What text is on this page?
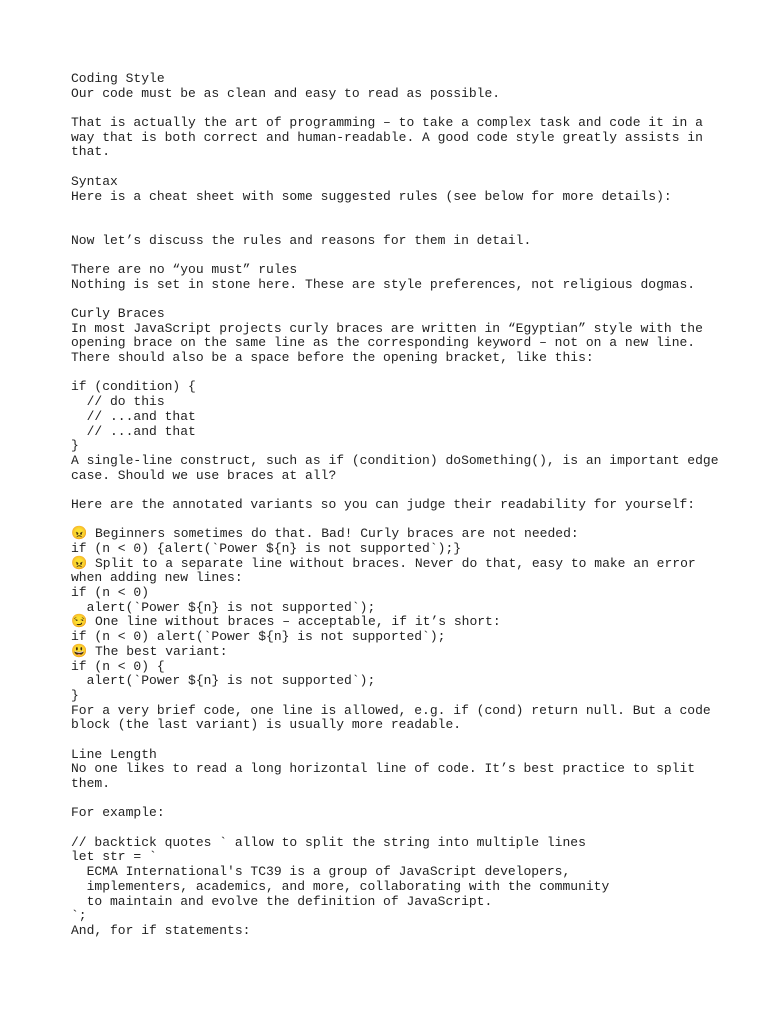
Coding Style
Our code must be as clean and easy to read as possible.
That is actually the art of programming – to take a complex task and code it in a
way that is both correct and human-readable. A good code style greatly assists in
that.
Syntax
Here is a cheat sheet with some suggested rules (see below for more details):
Now let’s discuss the rules and reasons for them in detail.
There are no “you must” rules
Nothing is set in stone here. These are style preferences, not religious dogmas.
Curly Braces
In most JavaScript projects curly braces are written in “Egyptian” style with the
opening brace on the same line as the corresponding keyword – not on a new line.
There should also be a space before the opening bracket, like this:
if (condition) {
// do this
// ...and that
// ...and that
}
A single-line construct, such as if (condition) doSomething(), is an important edge
case. Should we use braces at all?
Here are the annotated variants so you can judge their readability for yourself:
😠 Beginners sometimes do that. Bad! Curly braces are not needed:
if (n < 0) {alert(`Power ${n} is not supported`);}
😠 Split to a separate line without braces. Never do that, easy to make an error
when adding new lines:
if (n < 0)
alert(`Power ${n} is not supported`);
😏 One line without braces – acceptable, if it’s short:
if (n < 0) alert(`Power ${n} is not supported`);
😃 The best variant:
if (n < 0) {
alert(`Power ${n} is not supported`);
}
For a very brief code, one line is allowed, e.g. if (cond) return null. But a code
block (the last variant) is usually more readable.
Line Length
No one likes to read a long horizontal line of code. It’s best practice to split
them.
For example:
// backtick quotes ` allow to split the string into multiple lines
let str = `
ECMA International's TC39 is a group of JavaScript developers,
implementers, academics, and more, collaborating with the community
to maintain and evolve the definition of JavaScript.
`;
And, for if statements:
